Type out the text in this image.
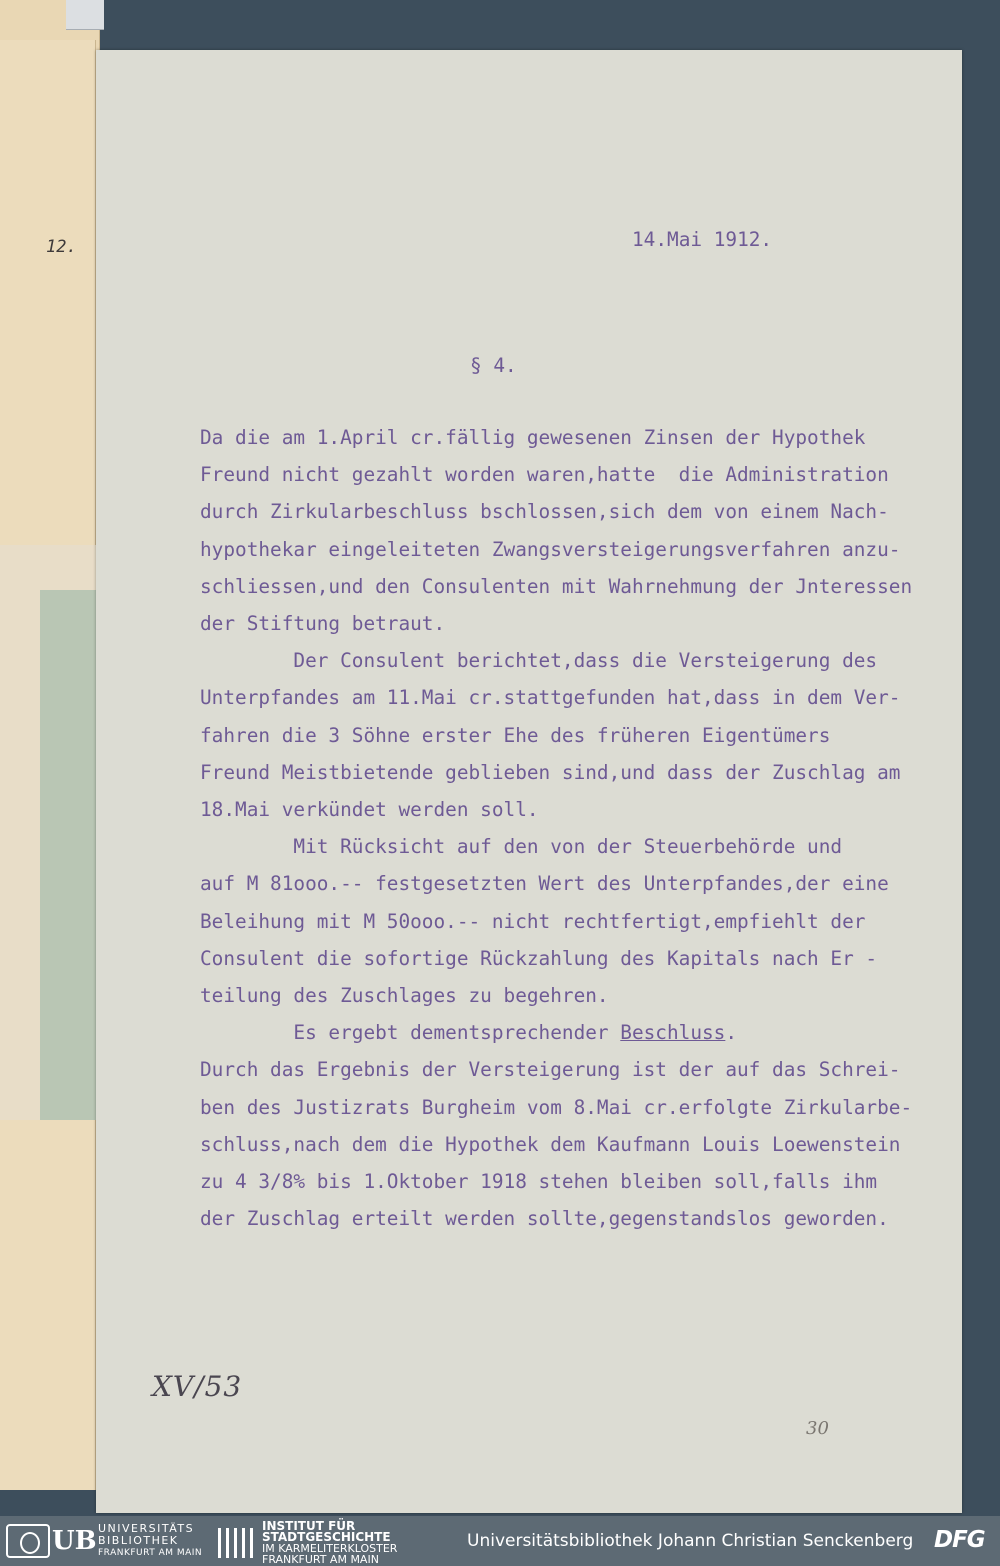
12.	14.Mai 1912.
§ 4.
Da die am 1.April cr.fällig gewesenen Zinsen der Hypothek
Freund nicht gezahlt worden waren,hatte  die Administration
durch Zirkularbeschluss bschlossen,sich dem von einem Nach-
hypothekar eingeleiteten Zwangsversteigerungsverfahren anzu-
schliessen,und den Consulenten mit Wahrnehmung der Jnteressen
der Stiftung betraut.
Der Consulent berichtet,dass die Versteigerung des
Unterpfandes am 11.Mai cr.stattgefunden hat,dass in dem Ver-
fahren die 3 Söhne erster Ehe des früheren Eigentümers
Freund Meistbietende geblieben sind,und dass der Zuschlag am
18.Mai verkündet werden soll.
Mit Rücksicht auf den von der Steuerbehörde und
auf M 81ooo.-- festgesetzten Wert des Unterpfandes,der eine
Beleihung mit M 50ooo.-- nicht rechtfertigt,empfiehlt der
Consulent die sofortige Rückzahlung des Kapitals nach Er -
teilung des Zuschlages zu begehren.
Es ergebt dementsprechender Beschluss.
Durch das Ergebnis der Versteigerung ist der auf das Schrei-
ben des Justizrats Burgheim vom 8.Mai cr.erfolgte Zirkularbe-
schluss,nach dem die Hypothek dem Kaufmann Louis Loewenstein
zu 4 3/8% bis 1.Oktober 1918 stehen bleiben soll,falls ihm
der Zuschlag erteilt werden sollte,gegenstandslos geworden.
XV/53
30
UB UNIVERSITÄTS
BIBLIOTHEK
FRANKFURT AM MAIN
INSTITUT FÜR
STADTGESCHICHTE
IM KARMELITERKLOSTER
FRANKFURT AM MAIN
Universitätsbibliothek Johann Christian Senckenberg DFG
